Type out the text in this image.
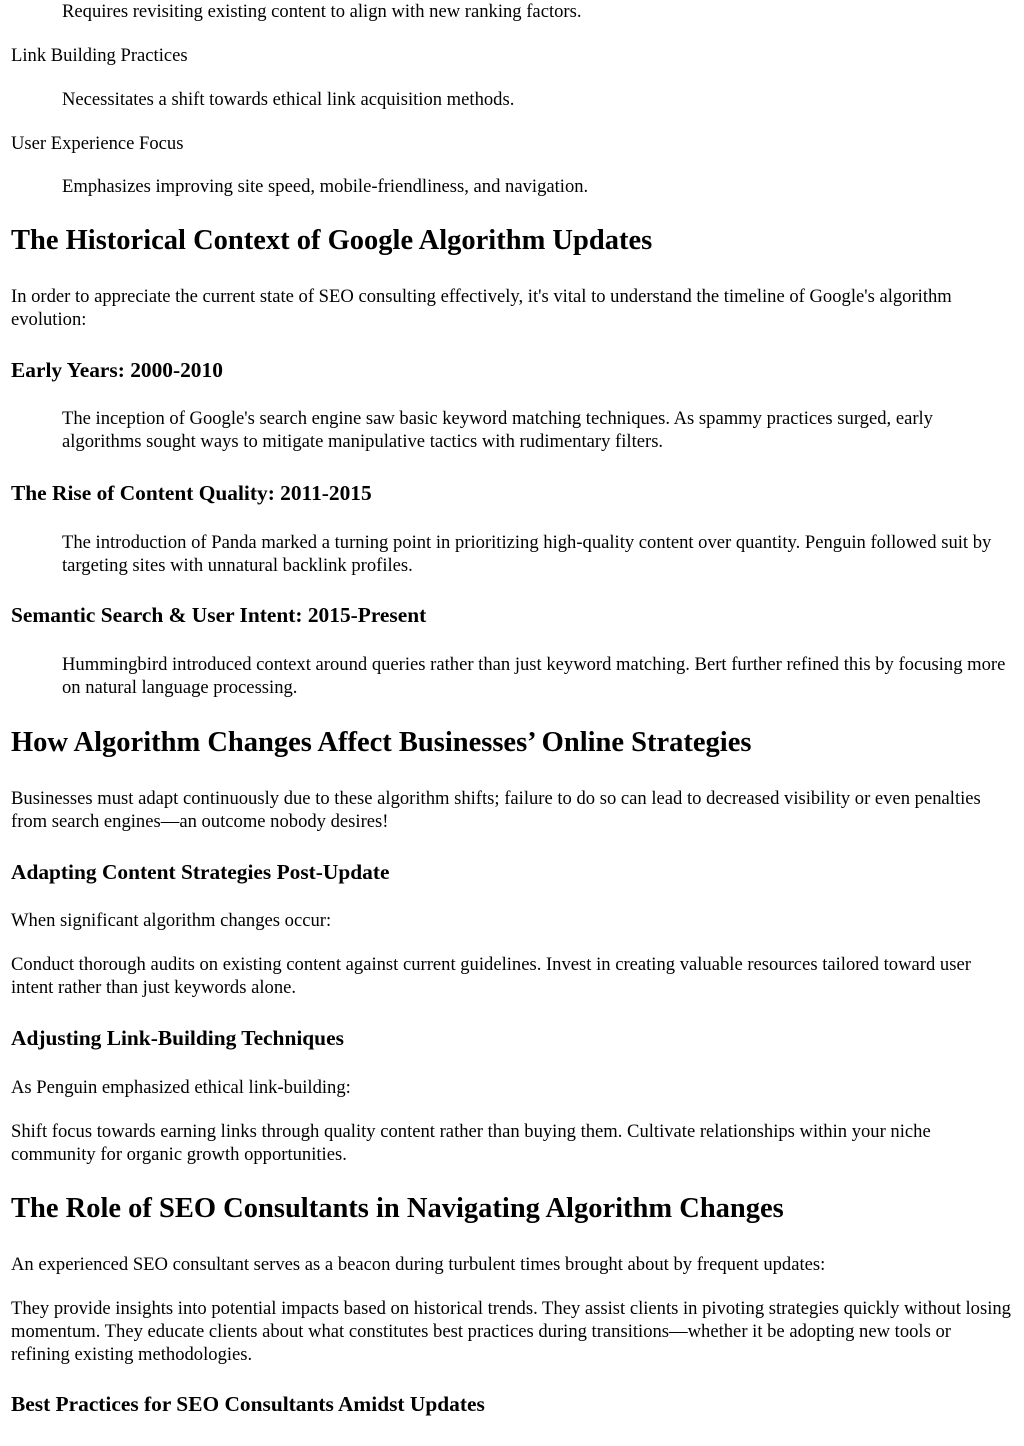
Requires revisiting existing content to align with new ranking factors.

Link Building Practices

Necessitates a shift towards ethical link acquisition methods.

User Experience Focus

Emphasizes improving site speed, mobile-friendliness, and navigation.

The Historical Context of Google Algorithm Updates

In order to appreciate the current state of SEO consulting effectively, it's vital to understand the timeline of Google's algorithm evolution:

Early Years: 2000-2010

The inception of Google's search engine saw basic keyword matching techniques. As spammy practices surged, early algorithms sought ways to mitigate manipulative tactics with rudimentary filters.

The Rise of Content Quality: 2011-2015

The introduction of Panda marked a turning point in prioritizing high-quality content over quantity. Penguin followed suit by targeting sites with unnatural backlink profiles.

Semantic Search & User Intent: 2015-Present

Hummingbird introduced context around queries rather than just keyword matching. Bert further refined this by focusing more on natural language processing.

How Algorithm Changes Affect Businesses’ Online Strategies

Businesses must adapt continuously due to these algorithm shifts; failure to do so can lead to decreased visibility or even penalties from search engines—an outcome nobody desires!

Adapting Content Strategies Post-Update

When significant algorithm changes occur:

Conduct thorough audits on existing content against current guidelines. Invest in creating valuable resources tailored toward user intent rather than just keywords alone.

Adjusting Link-Building Techniques

As Penguin emphasized ethical link-building:

Shift focus towards earning links through quality content rather than buying them. Cultivate relationships within your niche community for organic growth opportunities.

The Role of SEO Consultants in Navigating Algorithm Changes

An experienced SEO consultant serves as a beacon during turbulent times brought about by frequent updates:

They provide insights into potential impacts based on historical trends. They assist clients in pivoting strategies quickly without losing momentum. They educate clients about what constitutes best practices during transitions—whether it be adopting new tools or refining existing methodologies.

Best Practices for SEO Consultants Amidst Updates
